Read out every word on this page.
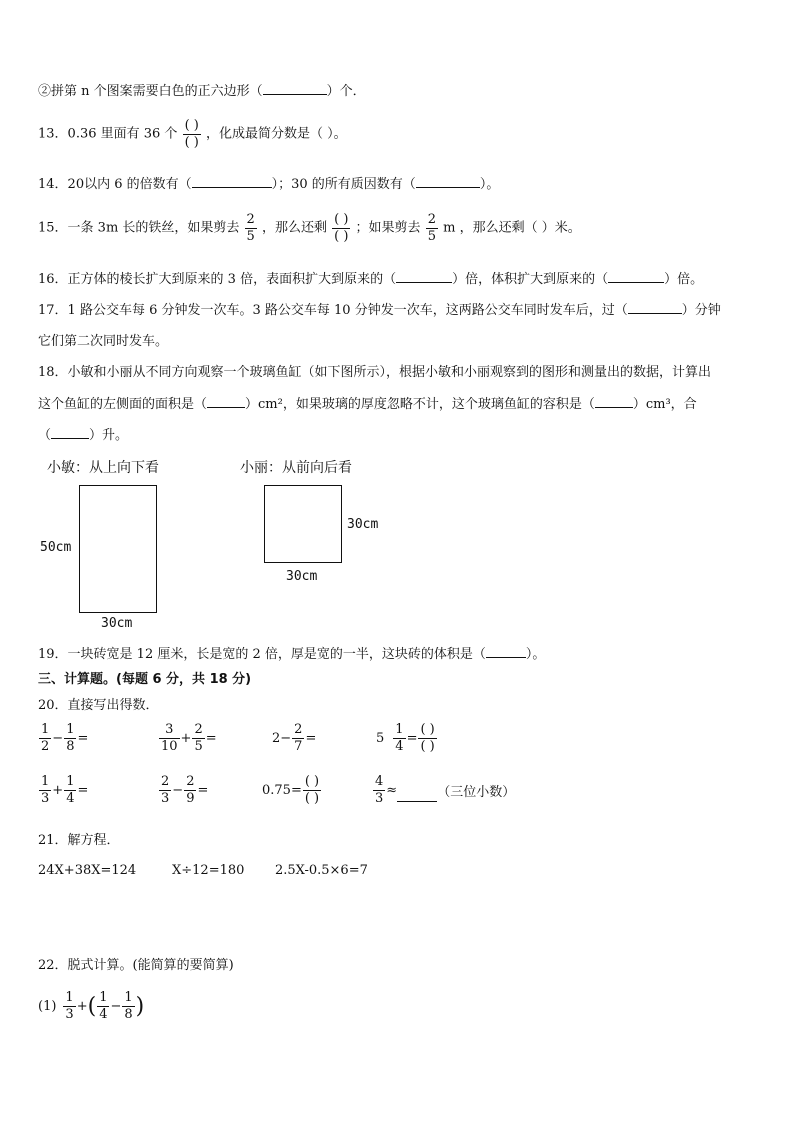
②拼第 n 个图案需要白色的正六边形（	）个．
13．0.36 里面有 36 个 $\frac{( )}{( )}$ ，化成最简分数是（ ）。
14．20以内 6 的倍数有（	）；30 的所有质因数有（	）。
15．一条 3m 长的铁丝，如果剪去 $\frac{2}{5}$ ，那么还剩 $\frac{( )}{( )}$ ；如果剪去 $\frac{2}{5}$ m ，那么还剩（ ）米。
16．正方体的棱长扩大到原来的 3 倍，表面积扩大到原来的（	）倍，体积扩大到原来的（	）倍。
17．1 路公交车每 6 分钟发一次车。3 路公交车每 10 分钟发一次车，这两路公交车同时发车后，过（	）分钟
它们第二次同时发车。
18．小敏和小丽从不同方向观察一个玻璃鱼缸（如下图所示），根据小敏和小丽观察到的图形和测量出的数据，计算出
这个鱼缸的左侧面的面积是（	）cm²，如果玻璃的厚度忽略不计，这个玻璃鱼缸的容积是（	）cm³，合
（	）升。
小敏：从上向下看	小丽：从前向后看
50cm
30cm
30cm
30cm
19．一块砖宽是 12 厘米，长是宽的 2 倍，厚是宽的一半，这块砖的体积是（	）。
三、计算题。(每题 6 分，共 18 分)
20．直接写出得数．
$\frac{1}{2} - \frac{1}{8}$ =	$\frac{3}{10} + \frac{2}{5}$ =	$2- \frac{2}{7}$ =	$5 \frac{1}{4} = \frac{( )}{( )}$
$\frac{1}{3} + \frac{1}{4}$ =	$\frac{2}{3} - \frac{2}{9}$ =	$0.75= \frac{( )}{( )}$	$\frac{4}{3}$ ≈	（三位小数）
21．解方程．
24X+38X=124	X÷12=180 2.5X-0.5×6=7
22．脱式计算。(能简算的要简算)
$(1) \frac{1}{3}$ + ( $\frac{1}{4} - \frac{1}{8}$ )
